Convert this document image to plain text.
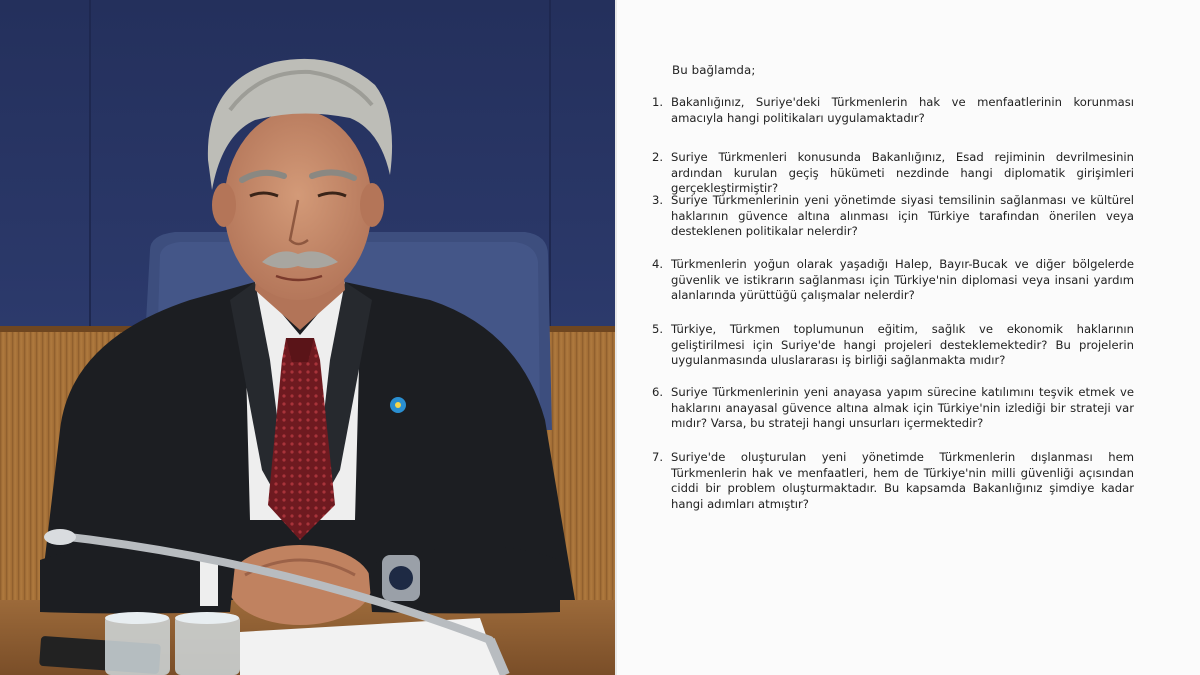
Bu bağlamda;
1. Bakanlığınız, Suriye'deki Türkmenlerin hak ve menfaatlerinin korunması amacıyla hangi politikaları uygulamaktadır?
2. Suriye Türkmenleri konusunda Bakanlığınız, Esad rejiminin devrilmesinin ardından kurulan geçiş hükümeti nezdinde hangi diplomatik girişimleri gerçekleştirmiştir?
3. Suriye Türkmenlerinin yeni yönetimde siyasi temsilinin sağlanması ve kültürel haklarının güvence altına alınması için Türkiye tarafından önerilen veya desteklenen politikalar nelerdir?
4. Türkmenlerin yoğun olarak yaşadığı Halep, Bayır-Bucak ve diğer bölgelerde güvenlik ve istikrarın sağlanması için Türkiye'nin diplomasi veya insani yardım alanlarında yürüttüğü çalışmalar nelerdir?
5. Türkiye, Türkmen toplumunun eğitim, sağlık ve ekonomik haklarının geliştirilmesi için Suriye'de hangi projeleri desteklemektedir? Bu projelerin uygulanmasında uluslararası iş birliği sağlanmakta mıdır?
6. Suriye Türkmenlerinin yeni anayasa yapım sürecine katılımını teşvik etmek ve haklarını anayasal güvence altına almak için Türkiye'nin izlediği bir strateji var mıdır? Varsa, bu strateji hangi unsurları içermektedir?
7. Suriye'de oluşturulan yeni yönetimde Türkmenlerin dışlanması hem Türkmenlerin hak ve menfaatleri, hem de Türkiye'nin milli güvenliği açısından ciddi bir problem oluşturmaktadır. Bu kapsamda Bakanlığınız şimdiye kadar hangi adımları atmıştır?
